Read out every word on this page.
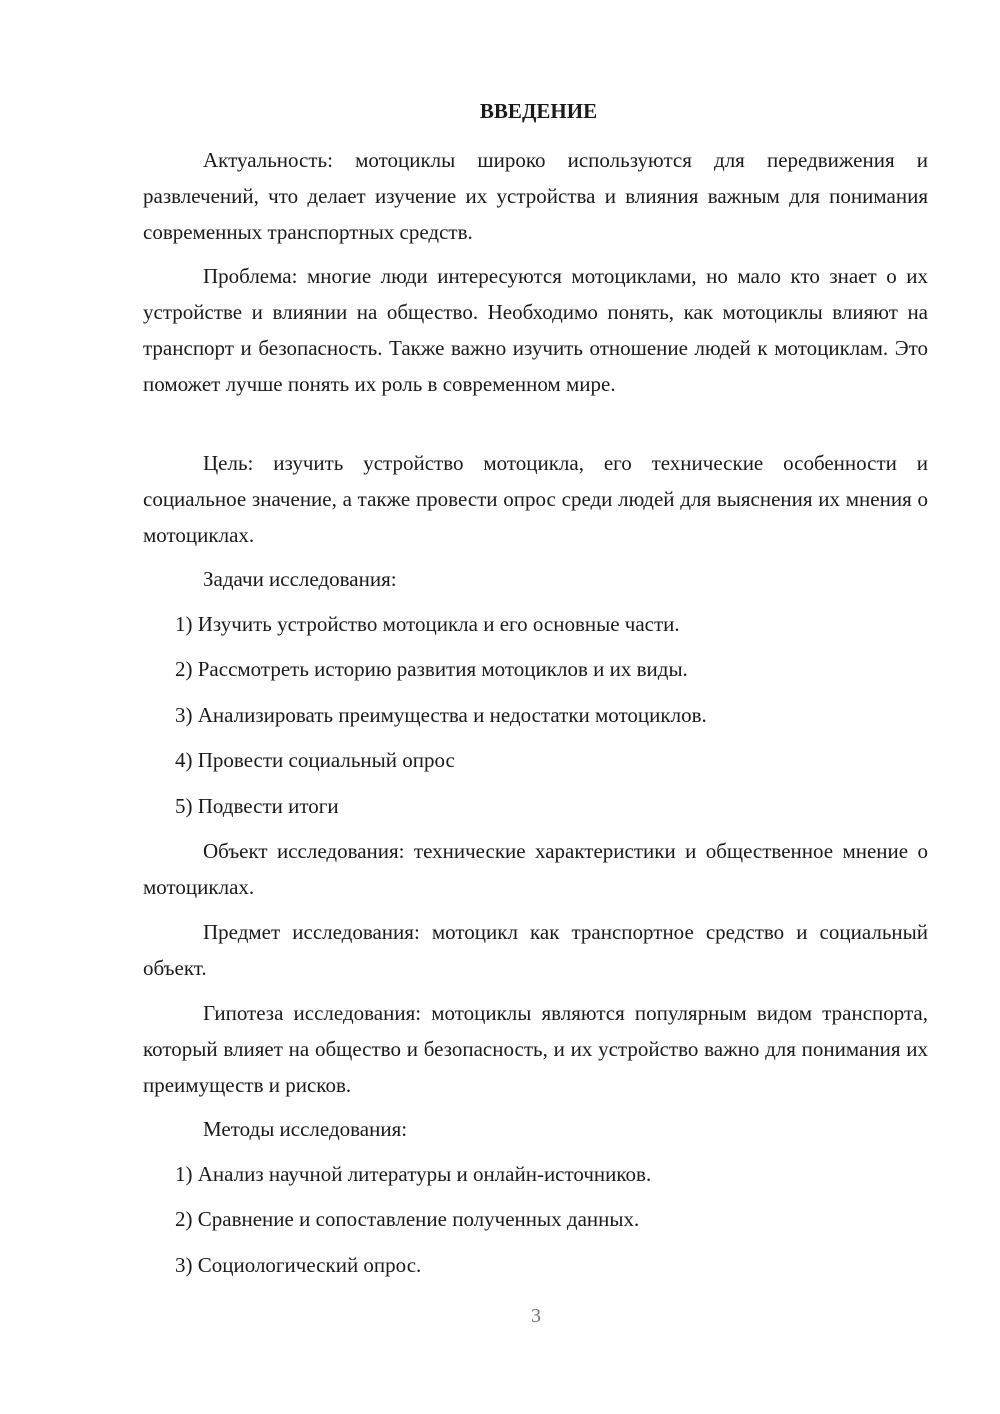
ВВЕДЕНИЕ
Актуальность: мотоциклы широко используются для передвижения и развлечений, что делает изучение их устройства и влияния важным для понимания современных транспортных средств.
Проблема: многие люди интересуются мотоциклами, но мало кто знает о их устройстве и влиянии на общество. Необходимо понять, как мотоциклы влияют на транспорт и безопасность. Также важно изучить отношение людей к мотоциклам. Это поможет лучше понять их роль в современном мире.
Цель: изучить устройство мотоцикла, его технические особенности и социальное значение, а также провести опрос среди людей для выяснения их мнения о мотоциклах.
Задачи исследования:
1) Изучить устройство мотоцикла и его основные части.
2) Рассмотреть историю развития мотоциклов и их виды.
3) Анализировать преимущества и недостатки мотоциклов.
4) Провести социальный опрос
5) Подвести итоги
Объект исследования: технические характеристики и общественное мнение о мотоциклах.
Предмет исследования: мотоцикл как транспортное средство и социальный объект.
Гипотеза исследования: мотоциклы являются популярным видом транспорта, который влияет на общество и безопасность, и их устройство важно для понимания их преимуществ и рисков.
Методы исследования:
1) Анализ научной литературы и онлайн-источников.
2) Сравнение и сопоставление полученных данных.
3) Социологический опрос.
3
